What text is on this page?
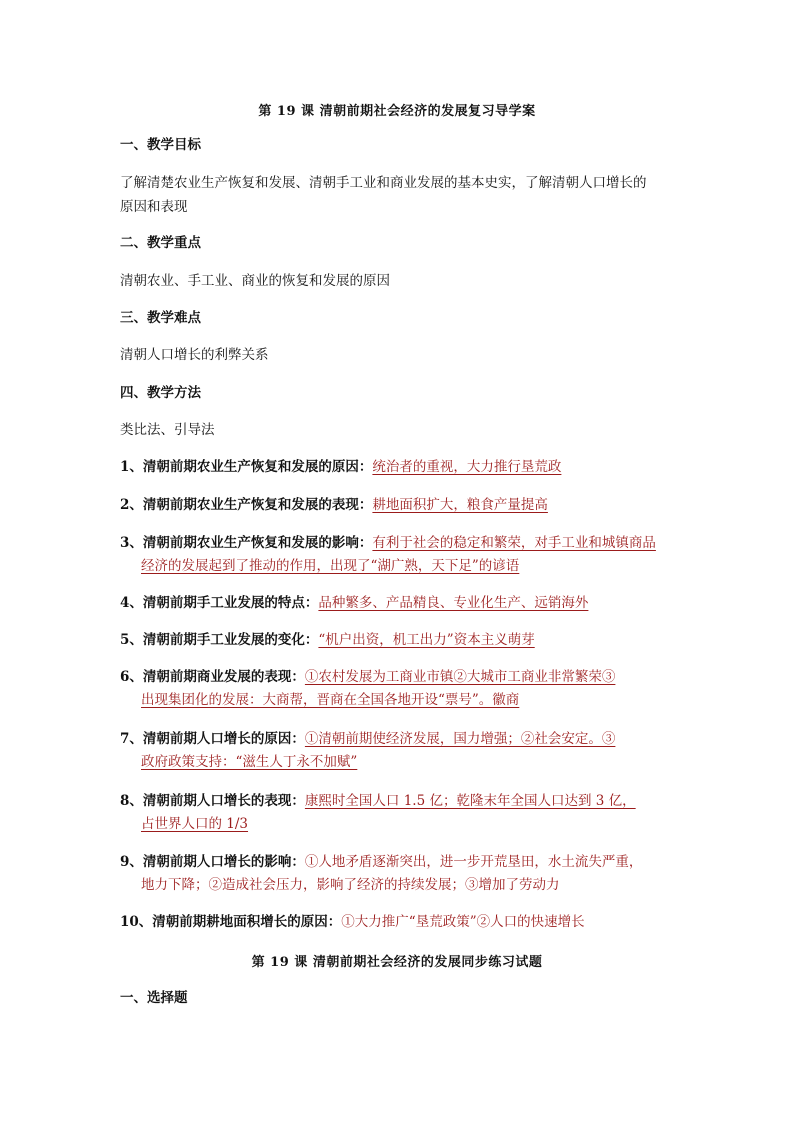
第 19 课 清朝前期社会经济的发展复习导学案
一、教学目标
了解清楚农业生产恢复和发展、清朝手工业和商业发展的基本史实，了解清朝人口增长的
原因和表现
二、教学重点
清朝农业、手工业、商业的恢复和发展的原因
三、教学难点
清朝人口增长的利弊关系
四、教学方法
类比法、引导法
1、清朝前期农业生产恢复和发展的原因：统治者的重视，大力推行垦荒政
2、清朝前期农业生产恢复和发展的表现：耕地面积扩大，粮食产量提高
3、清朝前期农业生产恢复和发展的影响：有利于社会的稳定和繁荣，对手工业和城镇商品
经济的发展起到了推动的作用，出现了“湖广熟，天下足”的谚语
4、清朝前期手工业发展的特点：品种繁多、产品精良、专业化生产、远销海外
5、清朝前期手工业发展的变化：“机户出资，机工出力”资本主义萌芽
6、清朝前期商业发展的表现：①农村发展为工商业市镇②大城市工商业非常繁荣③
出现集团化的发展：大商帮，晋商在全国各地开设“票号”。徽商
7、清朝前期人口增长的原因：①清朝前期使经济发展，国力增强；②社会安定。③
政府政策支持：“滋生人丁永不加赋”
8、清朝前期人口增长的表现：康熙时全国人口 1.5 亿；乾隆末年全国人口达到 3 亿，
占世界人口的 1/3
9、清朝前期人口增长的影响：①人地矛盾逐渐突出，进一步开荒垦田，水土流失严重，
地力下降；②造成社会压力，影响了经济的持续发展；③增加了劳动力
10、清朝前期耕地面积增长的原因：①大力推广“垦荒政策”②人口的快速增长
第 19 课 清朝前期社会经济的发展同步练习试题
一、选择题
